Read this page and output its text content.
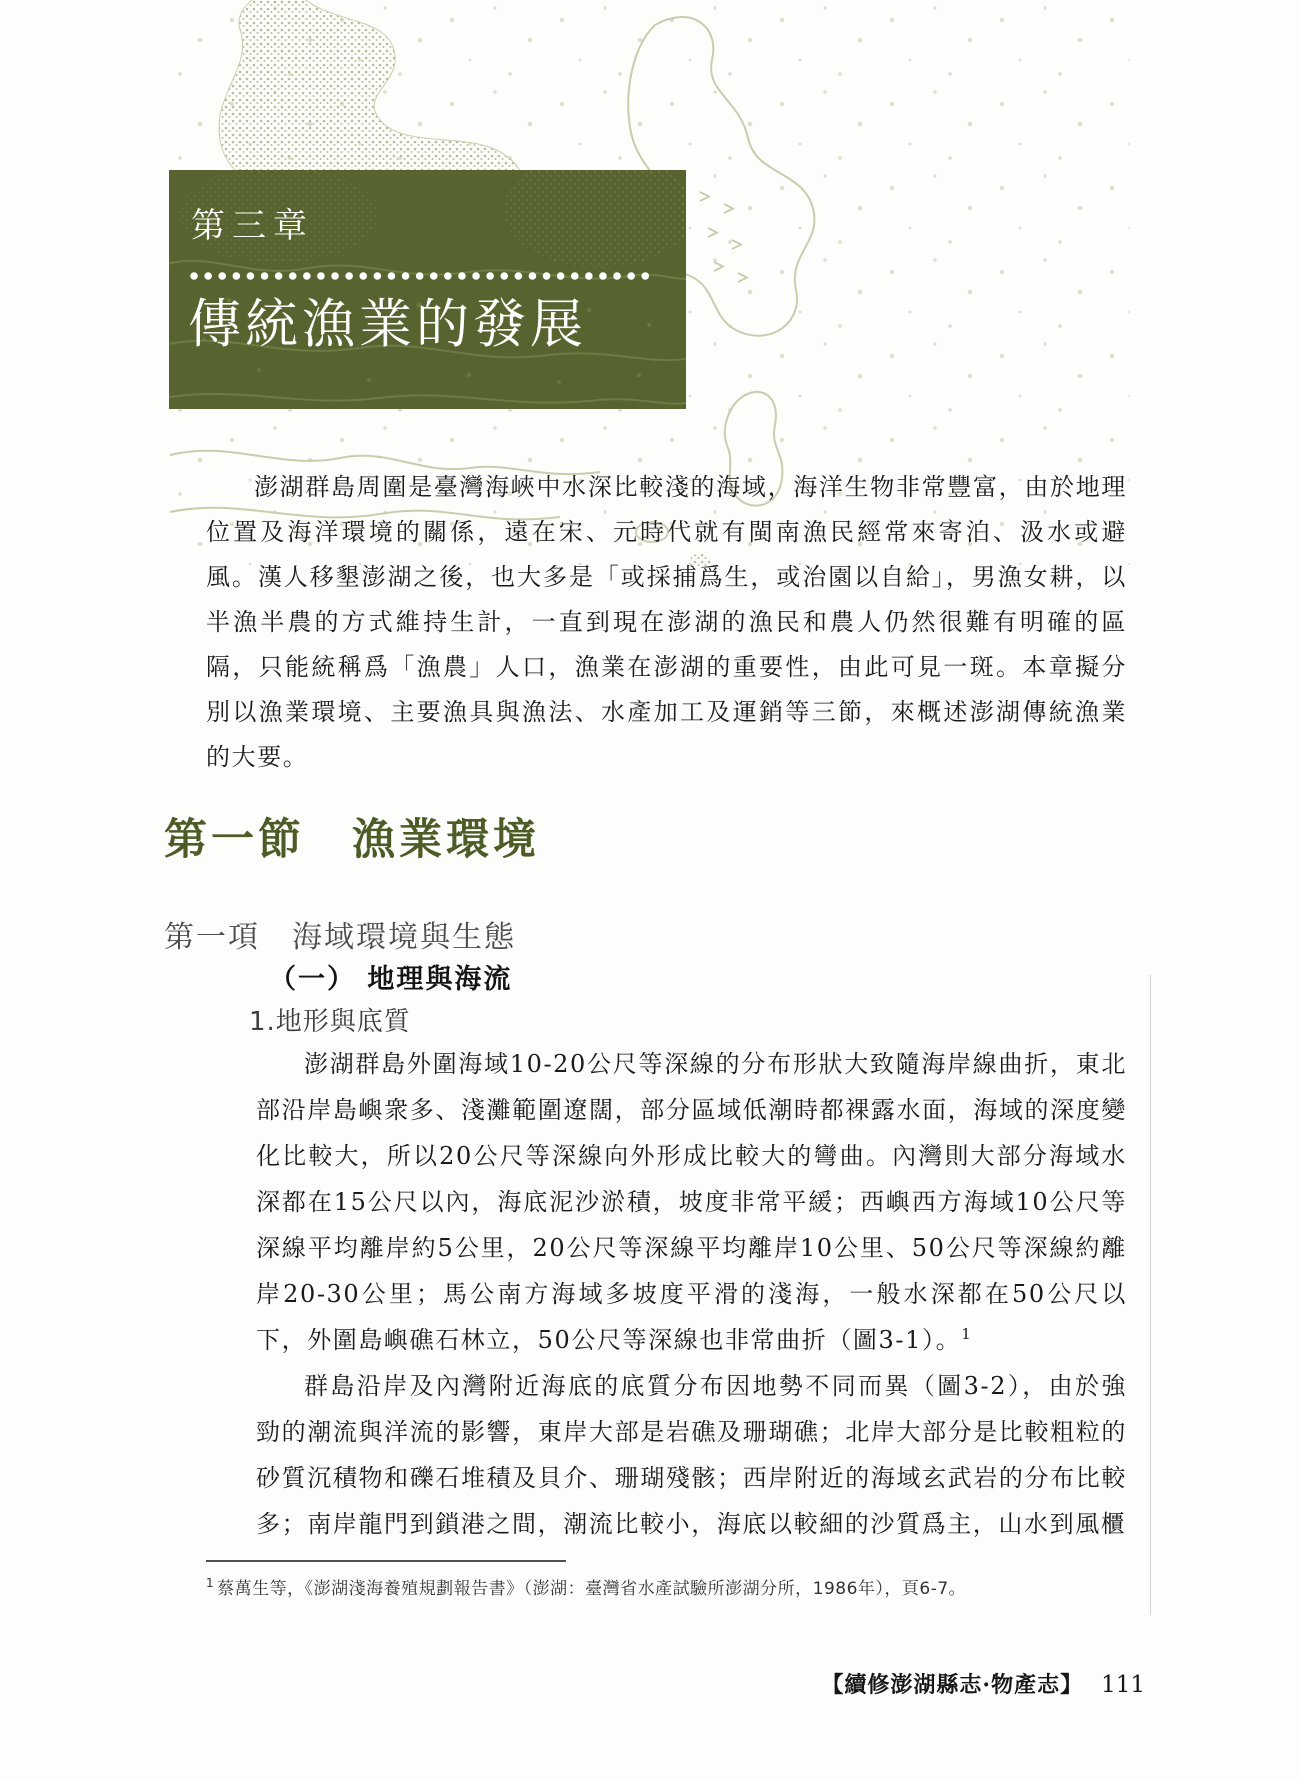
第三章
傳統漁業的發展
澎湖群島周圍是臺灣海峽中水深比較淺的海域，海洋生物非常豐富，由於地理位置及海洋環境的關係，遠在宋、元時代就有閩南漁民經常來寄泊、汲水或避風。漢人移墾澎湖之後，也大多是「或採捕爲生，或治園以自給」，男漁女耕，以半漁半農的方式維持生計，一直到現在澎湖的漁民和農人仍然很難有明確的區隔，只能統稱爲「漁農」人口，漁業在澎湖的重要性，由此可見一斑。本章擬分別以漁業環境、主要漁具與漁法、水產加工及運銷等三節，來概述澎湖傳統漁業的大要。
第一節　漁業環境
第一項　海域環境與生態
（一） 地理與海流
1.地形與底質

澎湖群島外圍海域10-20公尺等深線的分布形狀大致隨海岸線曲折，東北部沿岸島嶼衆多、淺灘範圍遼闊，部分區域低潮時都裸露水面，海域的深度變化比較大，所以20公尺等深線向外形成比較大的彎曲。內灣則大部分海域水深都在15公尺以內，海底泥沙淤積，坡度非常平緩；西嶼西方海域10公尺等深線平均離岸約5公里，20公尺等深線平均離岸10公里、50公尺等深線約離岸20-30公里；馬公南方海域多坡度平滑的淺海，一般水深都在50公尺以下，外圍島嶼礁石林立，50公尺等深線也非常曲折（圖3-1）。$^1$

群島沿岸及內灣附近海底的底質分布因地勢不同而異（圖3-2），由於強勁的潮流與洋流的影響，東岸大部是岩礁及珊瑚礁；北岸大部分是比較粗粒的砂質沉積物和礫石堆積及貝介、珊瑚殘骸；西岸附近的海域玄武岩的分布比較多；南岸龍門到鎖港之間，潮流比較小，海底以較細的沙質爲主，山水到風櫃

$^1$ 蔡萬生等，《澎湖淺海養殖規劃報告書》（澎湖：臺灣省水產試驗所澎湖分所，1986年），頁6-7。
【續修澎湖縣志·物產志】 111
